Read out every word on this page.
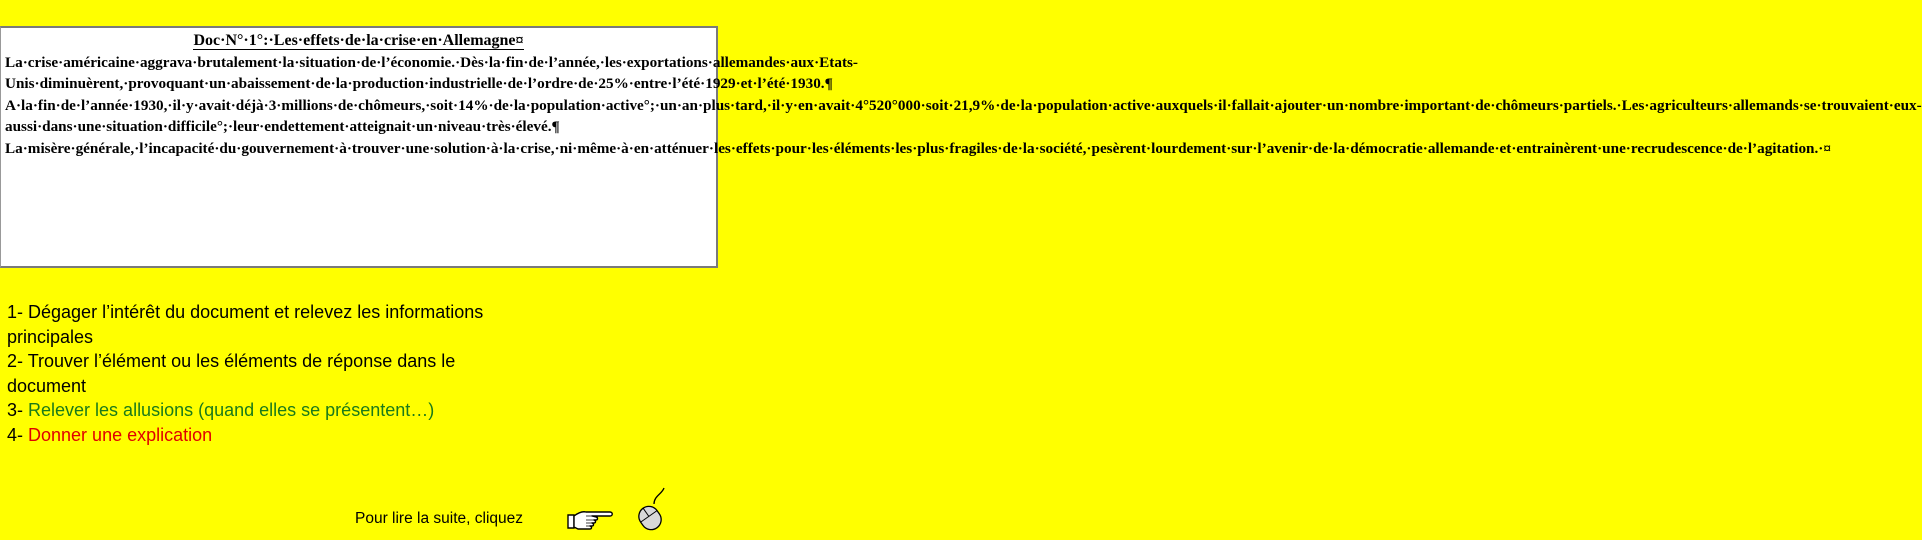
Doc·N°·1°:·Les·effets·de·la·crise·en·Allemagne¤

La·crise·américaine·aggrava·brutalement·la·situation·de·l’économie.·Dès·la·fin·de·l’année,·les·exportations·allemandes·aux·Etats-Unis·diminuèrent,·provoquant·un·abaissement·de·la·production·industrielle·de·l’ordre·de·25%·entre·l’été·1929·et·l’été·1930.¶

A·la·fin·de·l’année·1930,·il·y·avait·déjà·3·millions·de·chômeurs,·soit·14%·de·la·population·active°;·un·an·plus·tard,·il·y·en·avait·4°520°000·soit·21,9%·de·la·population·active·auxquels·il·fallait·ajouter·un·nombre·important·de·chômeurs·partiels.·Les·agriculteurs·allemands·se·trouvaient·eux-aussi·dans·une·situation·difficile°;·leur·endettement·atteignait·un·niveau·très·élevé.¶

La·misère·générale,·l’incapacité·du·gouvernement·à·trouver·une·solution·à·la·crise,·ni·même·à·en·atténuer·les·effets·pour·les·éléments·les·plus·fragiles·de·la·société,·pesèrent·lourdement·sur·l’avenir·de·la·démocratie·allemande·et·entrainèrent·une·recrudescence·de·l’agitation.·¤

1- Dégager l’intérêt du document et relevez les informations principales

2- Trouver l’élément ou les éléments de réponse dans le document

3- Relever les allusions (quand elles se présentent…)

4- Donner une explication

Pour lire la suite, cliquez
